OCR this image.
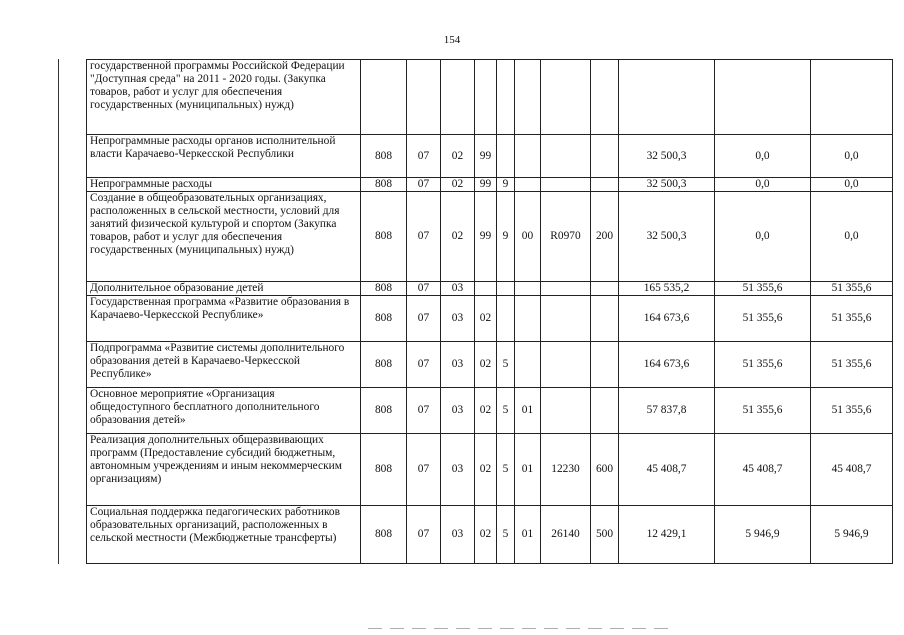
154
государственной программы Российской Федерации "Доступная среда" на 2011 - 2020 годы. (Закупка товаров, работ и услуг для обеспечения государственных (муниципальных) нужд)											
Непрограммные расходы органов исполнительной власти Карачаево-Черкесской Республики	808	07	02	99					32 500,3	0,0	0,0
Непрограммные расходы	808	07	02	99	9				32 500,3	0,0	0,0
Создание в общеобразовательных организациях, расположенных в сельской местности, условий для занятий физической культурой и спортом (Закупка товаров, работ и услуг для обеспечения государственных (муниципальных) нужд)	808	07	02	99	9	00	R0970	200	32 500,3	0,0	0,0
Дополнительное образование детей	808	07	03						165 535,2	51 355,6	51 355,6
Государственная программа «Развитие образования в Карачаево-Черкесской Республике»	808	07	03	02					164 673,6	51 355,6	51 355,6
Подпрограмма «Развитие системы дополнительного образования детей в Карачаево-Черкесской Республике»	808	07	03	02	5				164 673,6	51 355,6	51 355,6
Основное мероприятие «Организация общедоступного бесплатного дополнительного образования детей»	808	07	03	02	5	01			57 837,8	51 355,6	51 355,6
Реализация дополнительных общеразвивающих программ (Предоставление субсидий бюджетным, автономным учреждениям и иным некоммерческим организациям)	808	07	03	02	5	01	12230	600	45 408,7	45 408,7	45 408,7
Социальная поддержка педагогических работников образовательных организаций, расположенных в сельской местности (Межбюджетные трансферты)	808	07	03	02	5	01	26140	500	12 429,1	5 946,9	5 946,9
